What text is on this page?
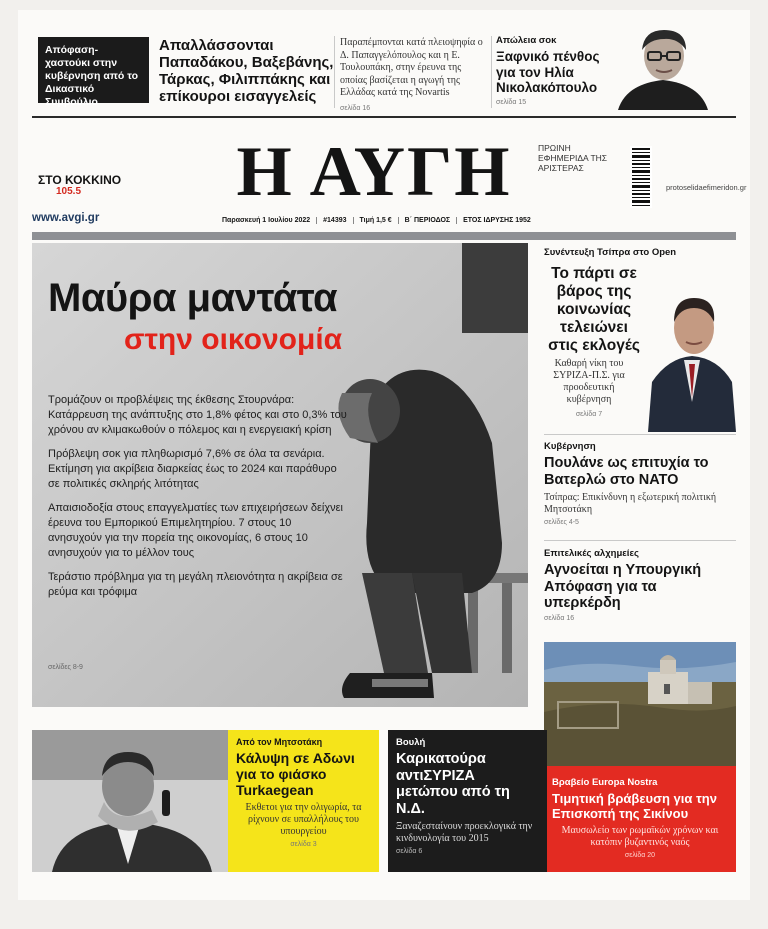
Απόφαση-χαστούκι στην κυβέρνηση από το Δικαστικό Συμβούλιο
Απαλλάσσονται Παπαδάκου, Βαξεβάνης, Τάρκας, Φιλιππάκης και επίκουροι εισαγγελείς
Παραπέμπονται κατά πλειοψηφία ο Δ. Παπαγγελόπουλος και η Ε. Τουλουπάκη, στην έρευνα της οποίας βασίζεται η αγωγή της Ελλάδας κατά της Novartis
σελίδα 16
Απώλεια σοκ
Ξαφνικό πένθος για τον Ηλία Νικολακόπουλο
σελίδα 15
ΣΤΟ ΚΟΚΚΙΝΟ
105.5
www.avgi.gr
Η ΑΥΓΗ	ΠΡΩΙΝΗ ΕΦΗΜΕΡΙΔΑ ΤΗΣ ΑΡΙΣΤΕΡΑΣ
protoselidaefimeridon.gr
Παρασκευή 1 Ιουλίου 2022	#14393	Τιμή 1,5 €	Β΄ ΠΕΡΙΟΔΟΣ	ΕΤΟΣ ΙΔΡΥΣΗΣ 1952
Μαύρα μαντάτα
στην οικονομία

Τρομάζουν οι προβλέψεις της έκθεσης Στουρνάρα: Κατάρρευση της ανάπτυξης στο 1,8% φέτος και στο 0,3% του χρόνου αν κλιμακωθούν ο πόλεμος και η ενεργειακή κρίση

Πρόβλεψη σοκ για πληθωρισμό 7,6% σε όλα τα σενάρια. Εκτίμηση για ακρίβεια διαρκείας έως το 2024 και παράθυρο σε πολιτικές σκληρής λιτότητας

Απαισιοδοξία στους επαγγελματίες των επιχειρήσεων δείχνει έρευνα του Εμπορικού Επιμελητηρίου. 7 στους 10 ανησυχούν για την πορεία της οικονομίας, 6 στους 10 ανησυχούν για το μέλλον τους

Τεράστιο πρόβλημα για τη μεγάλη πλειονότητα η ακρίβεια σε ρεύμα και τρόφιμα

σελίδες 8-9
Συνέντευξη Τσίπρα στο Open
Το πάρτι σε βάρος της κοινωνίας τελειώνει στις εκλογές
Καθαρή νίκη του ΣΥΡΙΖΑ-Π.Σ. για προοδευτική κυβέρνηση
σελίδα 7
Κυβέρνηση
Πουλάνε ως επιτυχία το Βατερλώ στο ΝΑΤΟ
Τσίπρας: Επικίνδυνη η εξωτερική πολιτική Μητσοτάκη
σελίδες 4-5
Επιτελικές αλχημείες
Αγνοείται η Υπουργική Απόφαση για τα υπερκέρδη
σελίδα 16
Βραβείο Europa Nostra
Τιμητική βράβευση για την Επισκοπή της Σικίνου
Μαυσωλείο των ρωμαϊκών χρόνων και κατόπιν βυζαντινός ναός
σελίδα 20
Από τον Μητσοτάκη
Κάλυψη σε Αδωνι για το φιάσκο Turkaegean
Εκθετοι για την ολιγωρία, τα ρίχνουν σε υπαλλήλους του υπουργείου
σελίδα 3
Βουλή
Καρικατούρα αντιΣΥΡΙΖΑ μετώπου από τη Ν.Δ.
Ξαναζεσταίνουν προεκλογικά την κινδυνολογία του 2015
σελίδα 6
